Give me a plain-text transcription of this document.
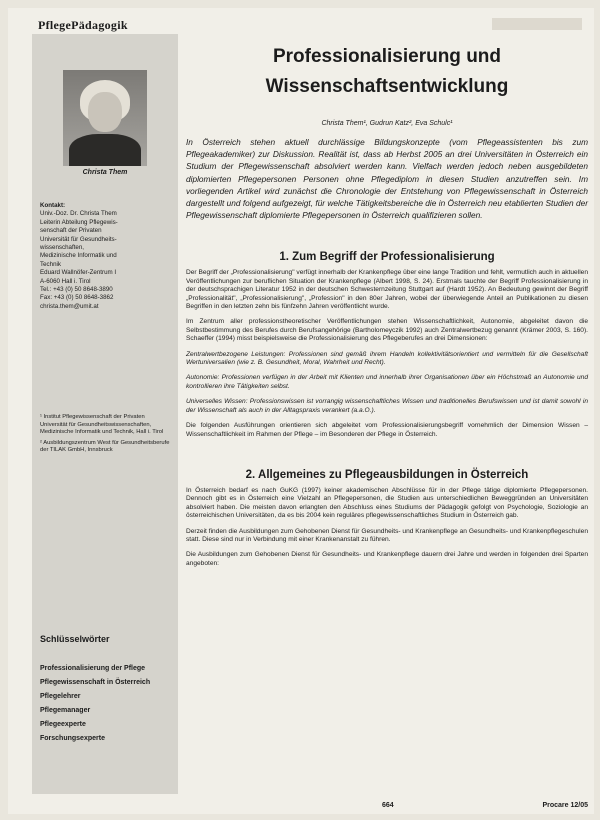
PflegePädagogik
Christa Them
Kontakt:
Univ.-Doz. Dr. Christa Them
Leiterin Abteilung Pflegewis-
senschaft der Privaten
Universität für Gesundheits-
wissenschaften,
Medizinische Informatik und
Technik
Eduard Wallnöfer-Zentrum I
A-6060 Hall i. Tirol
Tel.: +43 (0) 50 8648-3890
Fax: +43 (0) 50 8648-3862
christa.them@umit.at

¹ Institut Pflegewissenschaft der Privaten Universität für Gesundheitswissenschaften, Medizinische Informatik und Technik, Hall i. Tirol

² Ausbildungszentrum West für Gesundheitsberufe der TILAK GmbH, Innsbruck

Schlüsselwörter
Professionalisierung der Pflege
Pflegewissenschaft in Österreich
Pflegelehrer
Pflegemanager
Pflegeexperte
Forschungsexperte
Professionalisierung und
Wissenschaftsentwicklung
Christa Them¹, Gudrun Katz², Eva Schulc¹
In Österreich stehen aktuell durchlässige Bildungskonzepte (vom Pflegeassistenten bis zum Pflegeakademiker) zur Diskussion. Realität ist, dass ab Herbst 2005 an drei Universitäten in Österreich ein Studium der Pflegewissenschaft absolviert werden kann. Vielfach werden jedoch neben ausgebildeten diplomierten Pflegepersonen Personen ohne Pflegediplom in diesen Studien anzutreffen sein. Im vorliegenden Artikel wird zunächst die Chronologie der Entstehung von Pflegewissenschaft in Österreich dargestellt und folgend aufgezeigt, für welche Tätigkeitsbereiche die in Österreich neu etablierten Studien der Pflegewissenschaft diplomierte Pflegepersonen in Österreich qualifizieren sollen.
1. Zum Begriff der Professionalisierung

Der Begriff der „Professionalisierung" verfügt innerhalb der Krankenpflege über eine lange Tradition und fehlt, vermutlich auch in aktuellen Veröffentlichungen zur beruflichen Situation der Krankenpflege (Albert 1998, S. 24). Erstmals tauchte der Begriff Professionalisierung in der deutschsprachigen Literatur 1952 in der deutschen Schwesternzeitung Stuttgart auf (Hardt 1952). An Bedeutung gewinnt der Begriff „Professionalität", „Professionalisierung", „Profession" in den 80er Jahren, wobei der überwiegende Anteil an Publikationen zu diesen Begriffen in den letzten zehn bis fünfzehn Jahren veröffentlicht wurde.

Im Zentrum aller professionstheoretischer Veröffentlichungen stehen Wissenschaftlichkeit, Autonomie, abgeleitet davon die Selbstbestimmung des Berufes durch Berufsangehörige (Bartholomeyczik 1992) auch Zentralwertbezug genannt (Krämer 2003, S. 160). Schaeffer (1994) misst beispielsweise die Professionalisierung des Pflegeberufes an drei Dimensionen:

Zentralwertbezogene Leistungen: Professionen sind gemäß ihrem Handeln kollektivitätsorientiert und vermitteln für die Gesellschaft Wertuniversalien (wie z. B. Gesundheit, Moral, Wahrheit und Recht).

Autonomie: Professionen verfügen in der Arbeit mit Klienten und innerhalb ihrer Organisationen über ein Höchstmaß an Autonomie und kontrollieren ihre Tätigkeiten selbst.

Universelles Wissen: Professionswissen ist vorrangig wissenschaftliches Wissen und traditionelles Berufswissen und ist damit sowohl in der Wissenschaft als auch in der Alltagspraxis verankert (a.a.O.).

Die folgenden Ausführungen orientieren sich abgeleitet vom Professionalisierungsbegriff vornehmlich der Dimension Wissen – Wissenschaftlichkeit im Rahmen der Pflege – im Besonderen der Pflege in Österreich.

2. Allgemeines zu Pflegeausbildungen in Österreich

In Österreich bedarf es nach GuKG (1997) keiner akademischen Abschlüsse für in der Pflege tätige diplomierte Pflegepersonen. Dennoch gibt es in Österreich eine Vielzahl an Pflegepersonen, die Studien aus unterschiedlichen Beweggründen an Universitäten absolviert haben. Die meisten davon erlangten den Abschluss eines Studiums der Pädagogik gefolgt von Psychologie, Soziologie an österreichischen Universitäten, da es bis 2004 kein reguläres pflegewissenschaftliches Studium in Österreich gab.

Derzeit finden die Ausbildungen zum Gehobenen Dienst für Gesundheits- und Krankenpflege an Gesundheits- und Krankenpflegeschulen statt. Diese sind nur in Verbindung mit einer Krankenanstalt zu führen.

Die Ausbildungen zum Gehobenen Dienst für Gesundheits- und Krankenpflege dauern drei Jahre und werden in folgenden drei Sparten angeboten:

664	Procare 12/05
